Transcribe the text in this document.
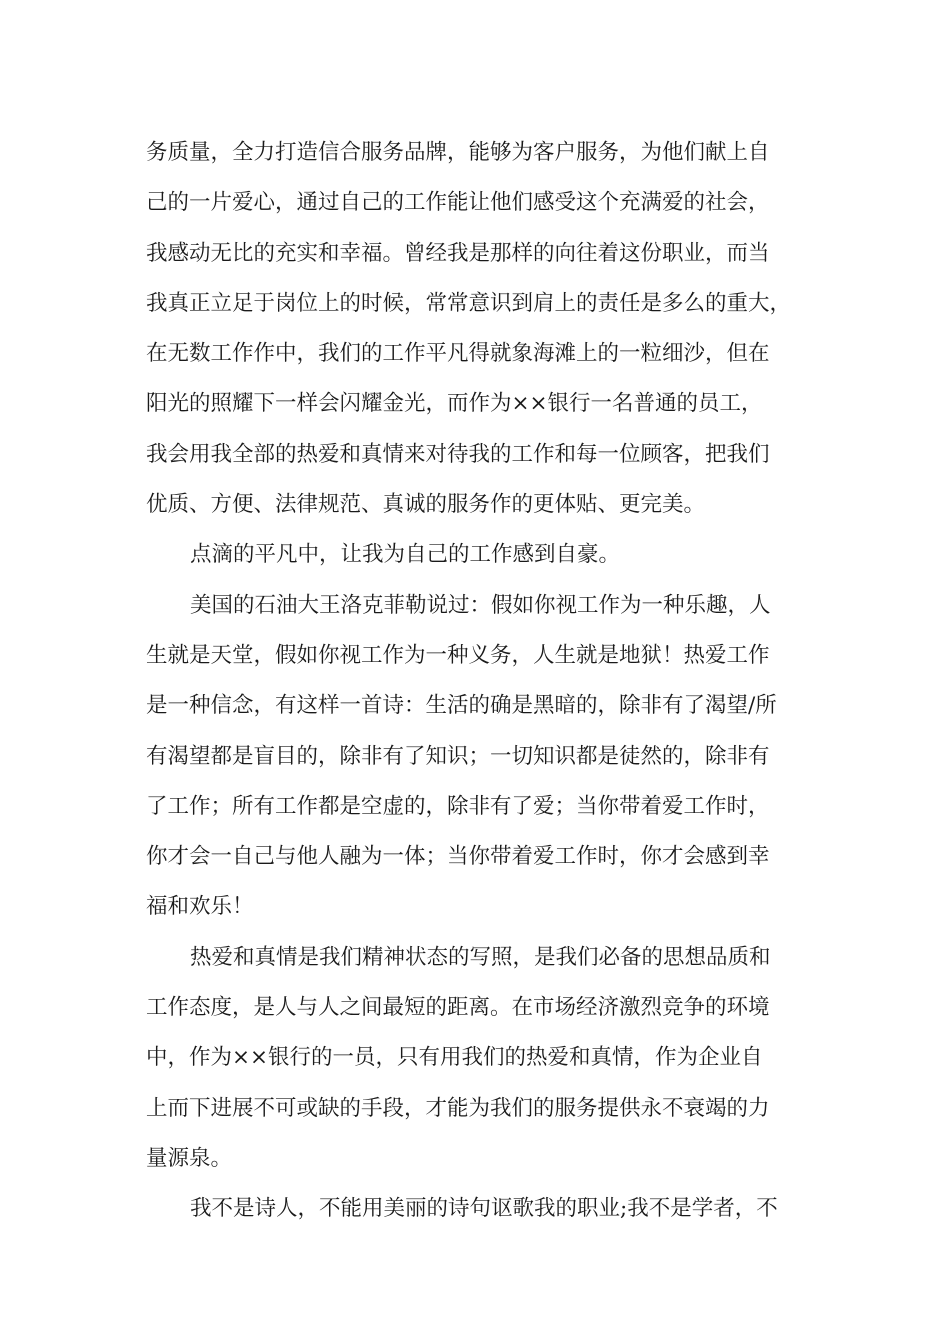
务质量，全力打造信合服务品牌，能够为客户服务，为他们献上自
己的一片爱心，通过自己的工作能让他们感受这个充满爱的社会，
我感动无比的充实和幸福。曾经我是那样的向往着这份职业，而当
我真正立足于岗位上的时候，常常意识到肩上的责任是多么的重大，
在无数工作作中，我们的工作平凡得就象海滩上的一粒细沙，但在
阳光的照耀下一样会闪耀金光，而作为××银行一名普通的员工，
我会用我全部的热爱和真情来对待我的工作和每一位顾客，把我们
优质、方便、法律规范、真诚的服务作的更体贴、更完美。
点滴的平凡中，让我为自己的工作感到自豪。
美国的石油大王洛克菲勒说过：假如你视工作为一种乐趣，人
生就是天堂，假如你视工作为一种义务，人生就是地狱！热爱工作
是一种信念，有这样一首诗：生活的确是黑暗的，除非有了渴望/所
有渴望都是盲目的，除非有了知识；一切知识都是徒然的，除非有
了工作；所有工作都是空虚的，除非有了爱；当你带着爱工作时，
你才会一自己与他人融为一体；当你带着爱工作时，你才会感到幸
福和欢乐！
热爱和真情是我们精神状态的写照，是我们必备的思想品质和
工作态度，是人与人之间最短的距离。在市场经济激烈竞争的环境
中，作为××银行的一员，只有用我们的热爱和真情，作为企业自
上而下进展不可或缺的手段，才能为我们的服务提供永不衰竭的力
量源泉。
我不是诗人，不能用美丽的诗句讴歌我的职业;我不是学者，不
